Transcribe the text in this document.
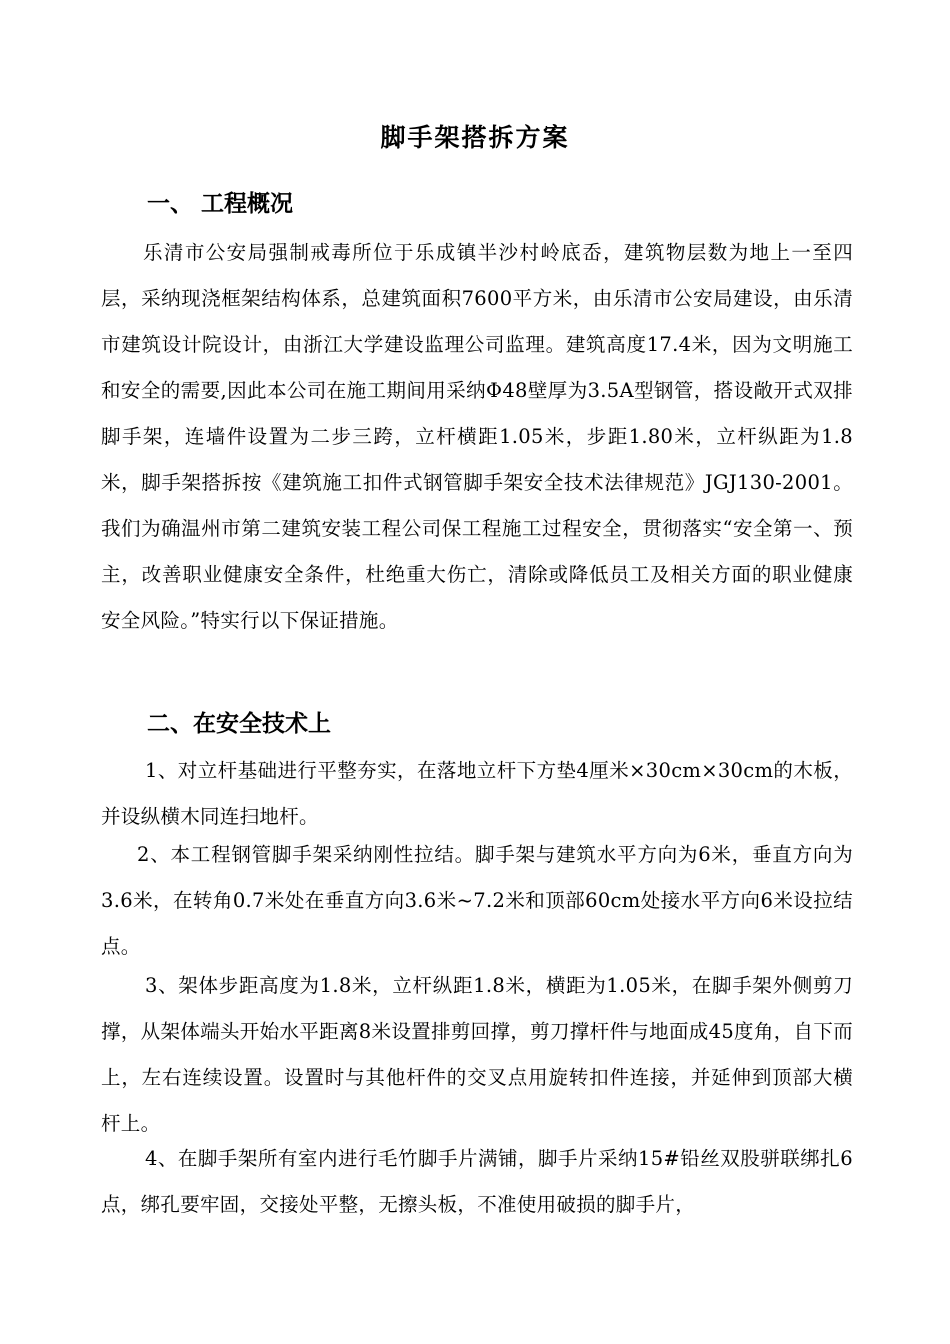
脚手架搭拆方案
一、 工程概况
乐清市公安局强制戒毒所位于乐成镇半沙村岭底岙，建筑物层数为地上一至四层，采纳现浇框架结构体系，总建筑面积7600平方米，由乐清市公安局建设，由乐清市建筑设计院设计，由浙江大学建设监理公司监理。建筑高度17.4米，因为文明施工和安全的需要,因此本公司在施工期间用采纳Φ48壁厚为3.5A型钢管，搭设敞开式双排脚手架，连墙件设置为二步三跨，立杆横距1.05米，步距1.80米，立杆纵距为1.8米，脚手架搭拆按《建筑施工扣件式钢管脚手架安全技术法律规范》JGJ130-2001。我们为确温州市第二建筑安装工程公司保工程施工过程安全，贯彻落实“安全第一、预主，改善职业健康安全条件，杜绝重大伤亡，清除或降低员工及相关方面的职业健康安全风险。”特实行以下保证措施。
二、在安全技术上
1、对立杆基础进行平整夯实，在落地立杆下方垫4厘米×30cm×30cm的木板，并设纵横木同连扫地杆。
2、本工程钢管脚手架采纳刚性拉结。脚手架与建筑水平方向为6米，垂直方向为3.6米，在转角0.7米处在垂直方向3.6米~7.2米和顶部60cm处接水平方向6米设拉结点。
3、架体步距高度为1.8米，立杆纵距1.8米，横距为1.05米，在脚手架外侧剪刀撑，从架体端头开始水平距离8米设置排剪回撑，剪刀撑杆件与地面成45度角，自下而上，左右连续设置。设置时与其他杆件的交叉点用旋转扣件连接，并延伸到顶部大横杆上。
4、在脚手架所有室内进行毛竹脚手片满铺，脚手片采纳15#铅丝双股骈联绑扎6点，绑孔要牢固，交接处平整，无擦头板，不准使用破损的脚手片，
